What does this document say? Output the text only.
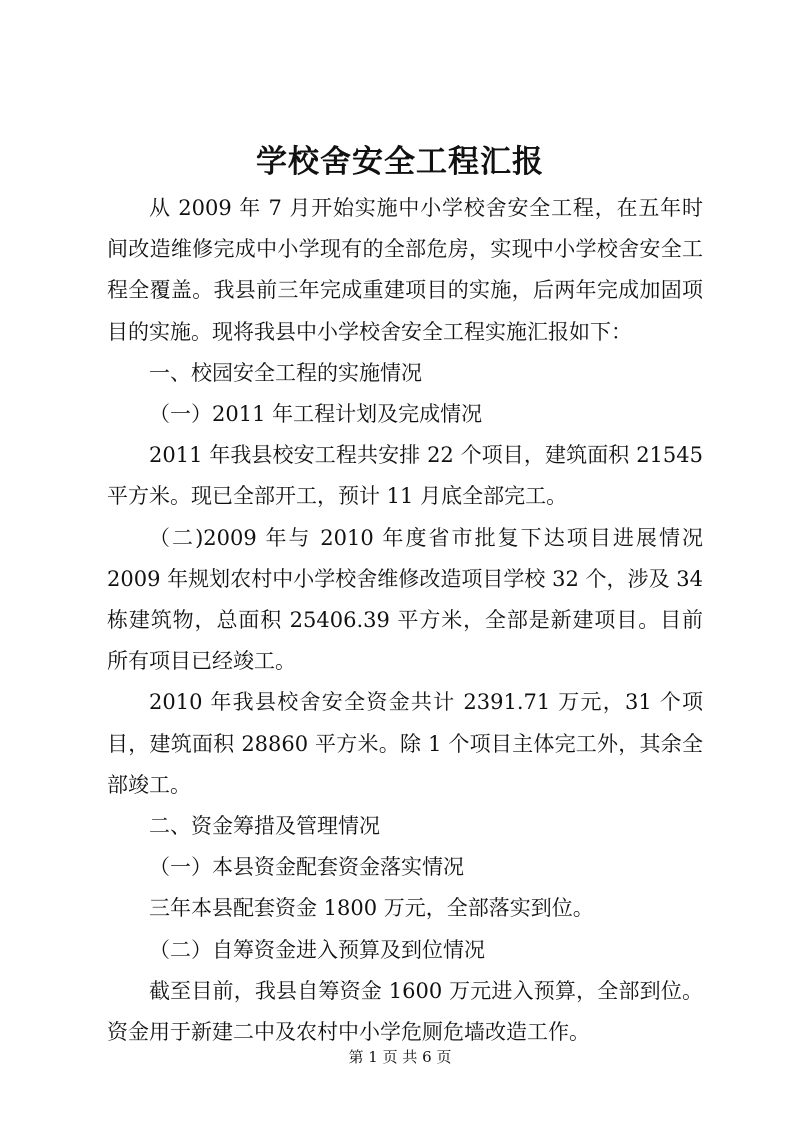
学校舍安全工程汇报

从 2009 年 7 月开始实施中小学校舍安全工程，在五年时间改造维修完成中小学现有的全部危房，实现中小学校舍安全工程全覆盖。我县前三年完成重建项目的实施，后两年完成加固项目的实施。现将我县中小学校舍安全工程实施汇报如下：

一、校园安全工程的实施情况

（一）2011 年工程计划及完成情况

2011 年我县校安工程共安排 22 个项目，建筑面积 21545 平方米。现已全部开工，预计 11 月底全部完工。

（二)2009 年与 2010 年度省市批复下达项目进展情况 2009 年规划农村中小学校舍维修改造项目学校 32 个，涉及 34 栋建筑物，总面积 25406.39 平方米，全部是新建项目。目前所有项目已经竣工。

2010 年我县校舍安全资金共计 2391.71 万元，31 个项目，建筑面积 28860 平方米。除 1 个项目主体完工外，其余全部竣工。

二、资金筹措及管理情况

（一）本县资金配套资金落实情况

三年本县配套资金 1800 万元，全部落实到位。

（二）自筹资金进入预算及到位情况

截至目前，我县自筹资金 1600 万元进入预算，全部到位。资金用于新建二中及农村中小学危厕危墙改造工作。

第 1 页 共 6 页
